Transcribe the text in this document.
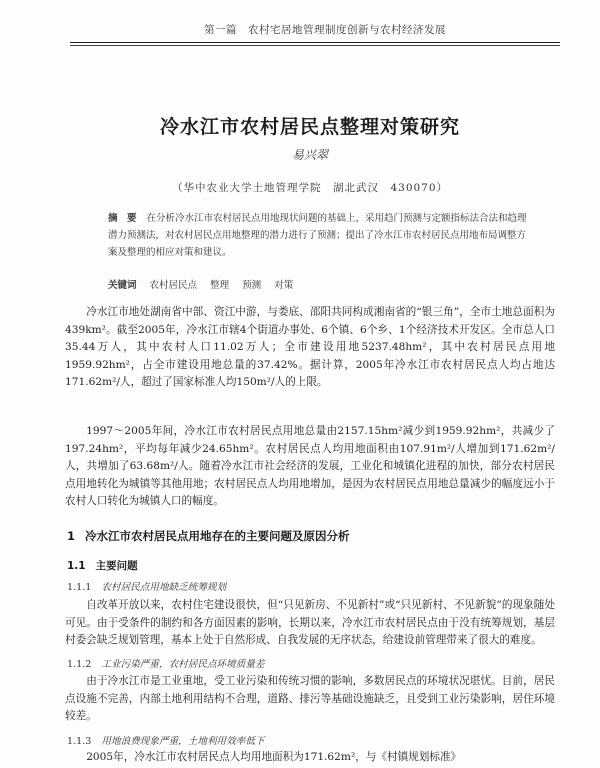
第一篇　农村宅居地管理制度创新与农村经济发展
冷水江市农村居民点整理对策研究
易兴翠
（华中农业大学土地管理学院　湖北武汉　430070）
摘　要 在分析冷水江市农村居民点用地现状问题的基础上，采用趋门预测与定额指标法合法和趋理潜力预测法，对农村居民点用地整理的潜力进行了预测；提出了冷水江市农村居民点用地布局调整方案及整理的相应对策和建议。
关键词 农村居民点 整理 预测 对策
冷水江市地处湖南省中部、资江中游，与娄底、邵阳共同构成湘南省的“银三角”，全市土地总面积为439km²。截至2005年，冷水江市辖4个街道办事处、6个镇、6个乡、1个经济技术开发区。全市总人口35.44万人，其中农村人口11.02万人；全市建设用地5237.48hm²，其中农村居民点用地1959.92hm²，占全市建设用地总量的37.42%。据计算，2005年冷水江市农村居民点人均占地达171.62m²/人，超过了国家标准人均150m²/人的上限。
1997～2005年间，冷水江市农村居民点用地总量由2157.15hm²减少到1959.92hm²，共减少了197.24hm²，平均每年减少24.65hm²。农村居民点人均用地面积由107.91m²/人增加到171.62m²/人，共增加了63.68m²/人。随着冷水江市社会经济的发展，工业化和城镇化进程的加快，部分农村居民点用地转化为城镇等其他用地；农村居民点人均用地增加，是因为农村居民点用地总量减少的幅度远小于农村人口转化为城镇人口的幅度。
1 冷水江市农村居民点用地存在的主要问题及原因分析
1.1 主要问题
1.1.1 农村居民点用地缺乏统筹规划
自改革开放以来，农村住宅建设很快，但“只见新房、不见新村”或“只见新村、不见新貌”的现象随处可见。由于受条件的制约和各方面因素的影响，长期以来，冷水江市农村居民点由于没有统筹规划，基层村委会缺乏规划管理，基本上处于自然形成、自我发展的无序状态，给建设前管理带来了很大的难度。
1.1.2 工业污染严重，农村居民点环境质量差
由于冷水江市是工业重地，受工业污染和传统习惯的影响，多数居民点的环境状况堪忧。目前，居民点设施不完善，内部土地利用结构不合理，道路、排污等基础设施缺乏，且受到工业污染影响，居住环境较差。
1.1.3 用地浪费现象严重，土地利用效率低下
2005年，冷水江市农村居民点人均用地面积为171.62m²，与《村镇规划标准》
